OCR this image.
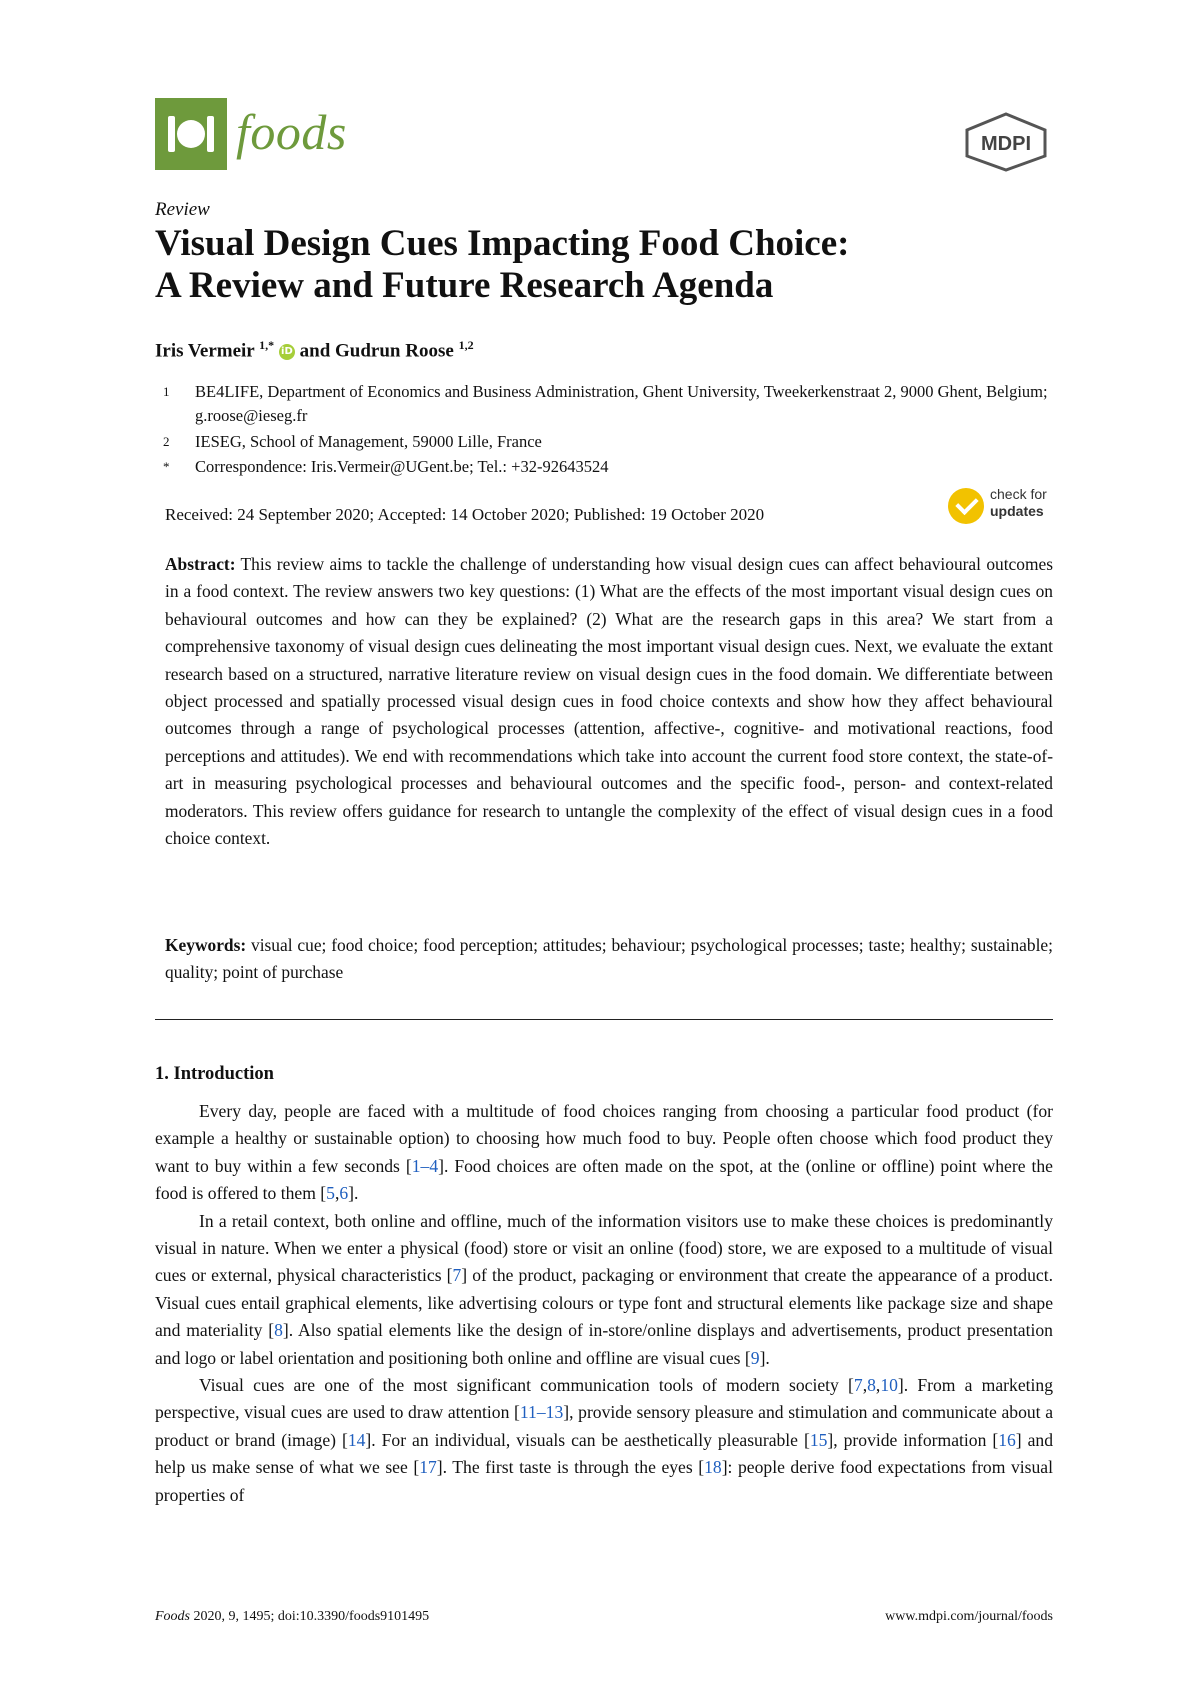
foods	MDPI
Review
Visual Design Cues Impacting Food Choice:
A Review and Future Research Agenda
Iris Vermeir $^{1,*}$ iD and Gudrun Roose $^{1,2}$
1 BE4LIFE, Department of Economics and Business Administration, Ghent University, Tweekerkenstraat 2, 9000 Ghent, Belgium; g.roose@ieseg.fr
2 IESEG, School of Management, 59000 Lille, France
* Correspondence: Iris.Vermeir@UGent.be; Tel.: +32-92643524
Received: 24 September 2020; Accepted: 14 October 2020; Published: 19 October 2020
check for
updates
Abstract: This review aims to tackle the challenge of understanding how visual design cues can affect behavioural outcomes in a food context. The review answers two key questions: (1) What are the effects of the most important visual design cues on behavioural outcomes and how can they be explained? (2) What are the research gaps in this area? We start from a comprehensive taxonomy of visual design cues delineating the most important visual design cues. Next, we evaluate the extant research based on a structured, narrative literature review on visual design cues in the food domain. We differentiate between object processed and spatially processed visual design cues in food choice contexts and show how they affect behavioural outcomes through a range of psychological processes (attention, affective-, cognitive- and motivational reactions, food perceptions and attitudes). We end with recommendations which take into account the current food store context, the state-of-art in measuring psychological processes and behavioural outcomes and the specific food-, person- and context-related moderators. This review offers guidance for research to untangle the complexity of the effect of visual design cues in a food choice context.
Keywords: visual cue; food choice; food perception; attitudes; behaviour; psychological processes; taste; healthy; sustainable; quality; point of purchase
1. Introduction

Every day, people are faced with a multitude of food choices ranging from choosing a particular food product (for example a healthy or sustainable option) to choosing how much food to buy. People often choose which food product they want to buy within a few seconds [1–4]. Food choices are often made on the spot, at the (online or offline) point where the food is offered to them [5,6].

In a retail context, both online and offline, much of the information visitors use to make these choices is predominantly visual in nature. When we enter a physical (food) store or visit an online (food) store, we are exposed to a multitude of visual cues or external, physical characteristics [7] of the product, packaging or environment that create the appearance of a product. Visual cues entail graphical elements, like advertising colours or type font and structural elements like package size and shape and materiality [8]. Also spatial elements like the design of in-store/online displays and advertisements, product presentation and logo or label orientation and positioning both online and offline are visual cues [9].

Visual cues are one of the most significant communication tools of modern society [7,8,10]. From a marketing perspective, visual cues are used to draw attention [11–13], provide sensory pleasure and stimulation and communicate about a product or brand (image) [14]. For an individual, visuals can be aesthetically pleasurable [15], provide information [16] and help us make sense of what we see [17]. The first taste is through the eyes [18]: people derive food expectations from visual properties of

Foods 2020, 9, 1495; doi:10.3390/foods9101495	www.mdpi.com/journal/foods
